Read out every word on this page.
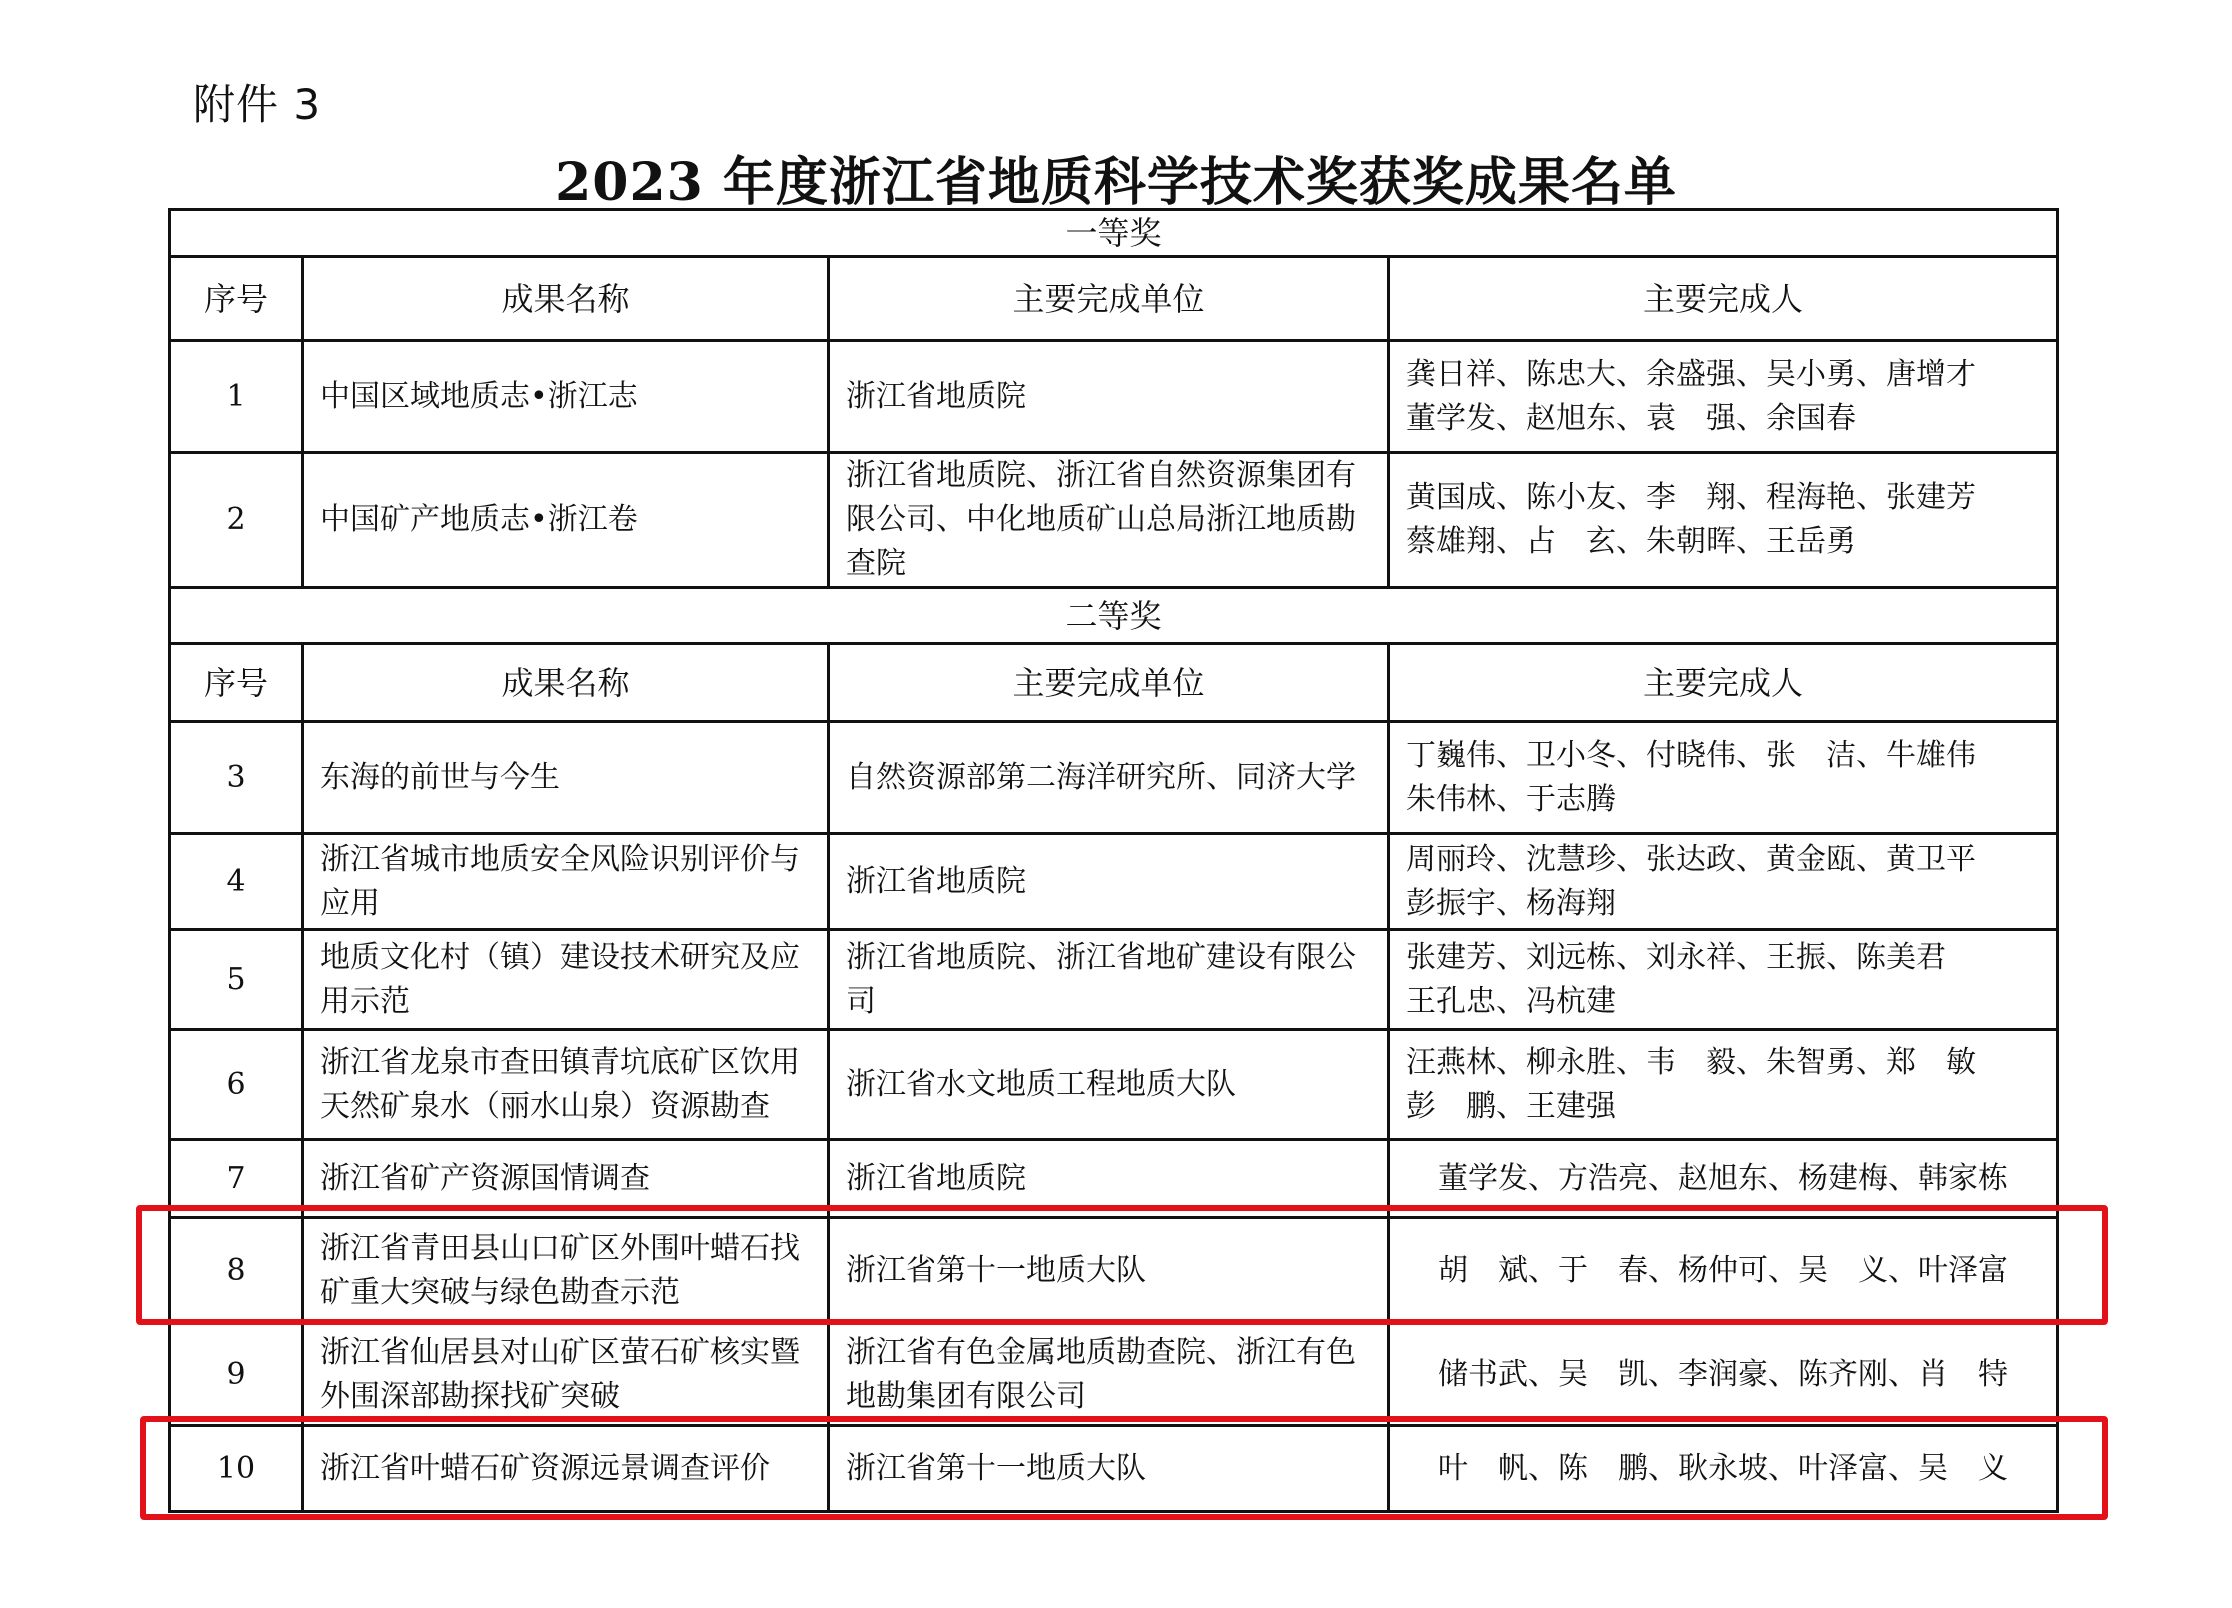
附件 3
2023 年度浙江省地质科学技术奖获奖成果名单
一等奖			
序号	成果名称	主要完成单位	主要完成人
1	中国区域地质志•浙江志	浙江省地质院	龚日祥、陈忠大、余盛强、吴小勇、唐增才
董学发、赵旭东、袁　强、余国春

2	中国矿产地质志•浙江卷	浙江省地质院、浙江省自然资源集团有限公司、中化地质矿山总局浙江地质勘查院	黄国成、陈小友、李　翔、程海艳、张建芳
蔡雄翔、占　玄、朱朝晖、王岳勇

二等奖			
序号	成果名称	主要完成单位	主要完成人
3	东海的前世与今生	自然资源部第二海洋研究所、同济大学	丁巍伟、卫小冬、付晓伟、张　洁、牛雄伟
朱伟林、于志腾

4	浙江省城市地质安全风险识别评价与应用	浙江省地质院	周丽玲、沈慧珍、张达政、黄金瓯、黄卫平
彭振宇、杨海翔

5	地质文化村（镇）建设技术研究及应用示范	浙江省地质院、浙江省地矿建设有限公司	张建芳、刘远栋、刘永祥、王振、陈美君
王孔忠、冯杭建

6	浙江省龙泉市查田镇青坑底矿区饮用天然矿泉水（丽水山泉）资源勘查	浙江省水文地质工程地质大队	汪燕林、柳永胜、韦　毅、朱智勇、郑　敏
彭　鹏、王建强

7	浙江省矿产资源国情调查	浙江省地质院	董学发、方浩亮、赵旭东、杨建梅、韩家栋

8	浙江省青田县山口矿区外围叶蜡石找矿重大突破与绿色勘查示范	浙江省第十一地质大队	胡　斌、于　春、杨仲可、吴　义、叶泽富

9	浙江省仙居县对山矿区萤石矿核实暨外围深部勘探找矿突破	浙江省有色金属地质勘查院、浙江有色地勘集团有限公司	储书武、吴　凯、李润豪、陈齐刚、肖　特

10	浙江省叶蜡石矿资源远景调查评价	浙江省第十一地质大队	叶　帆、陈　鹏、耿永坡、叶泽富、吴　义
